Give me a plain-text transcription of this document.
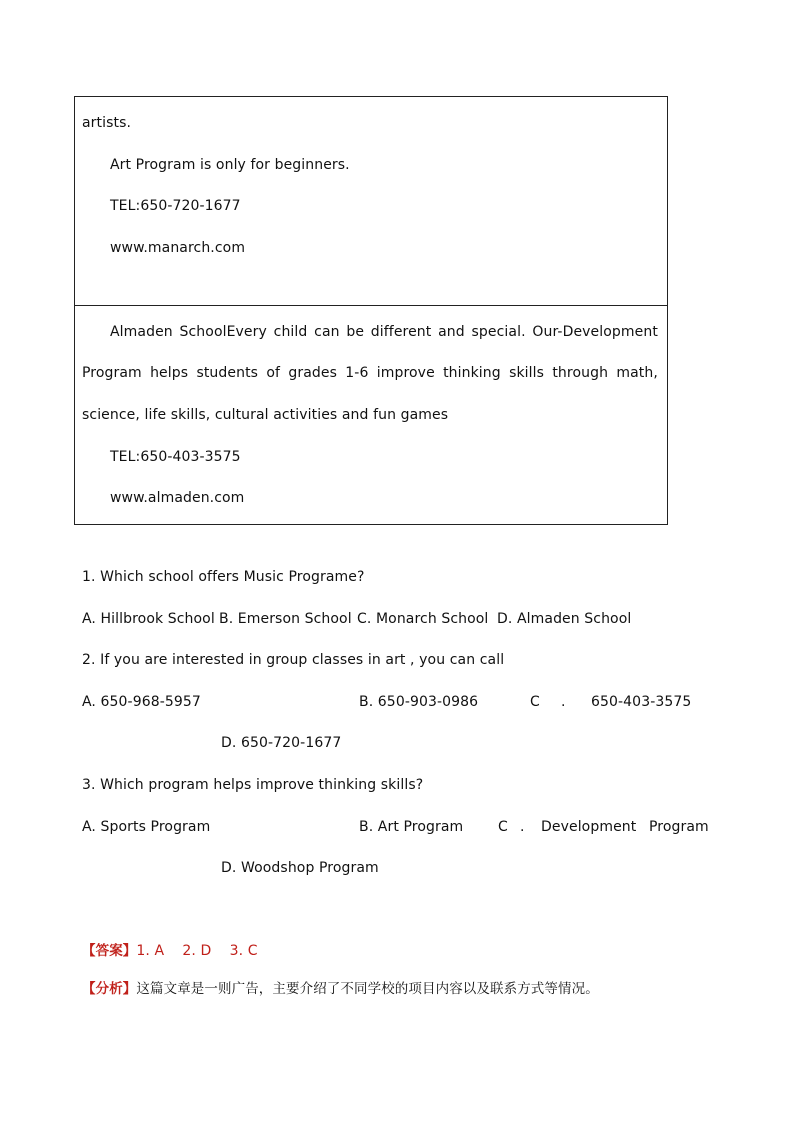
artists.
Art Program is only for beginners.
TEL:650-720-1677
www.manarch.com
Almaden SchoolEvery child can be different and special. Our-Development
Program helps students of grades 1-6 improve thinking skills through math,
science, life skills, cultural activities and fun games
TEL:650-403-3575
www.almaden.com
1. Which school offers Music Programe?
A. Hillbrook School B. Emerson School C. Monarch School D. Almaden School
2. If you are interested in group classes in art , you can call
A. 650-968-5957	B. 650-903-0986	C . 650-403-3575
D. 650-720-1677
3. Which program helps improve thinking skills?
A. Sports Program	B. Art Program C . Development Program
D. Woodshop Program
【答案】1. A    2. D    3. C
【分析】这篇文章是一则广告，主要介绍了不同学校的项目内容以及联系方式等情况。
